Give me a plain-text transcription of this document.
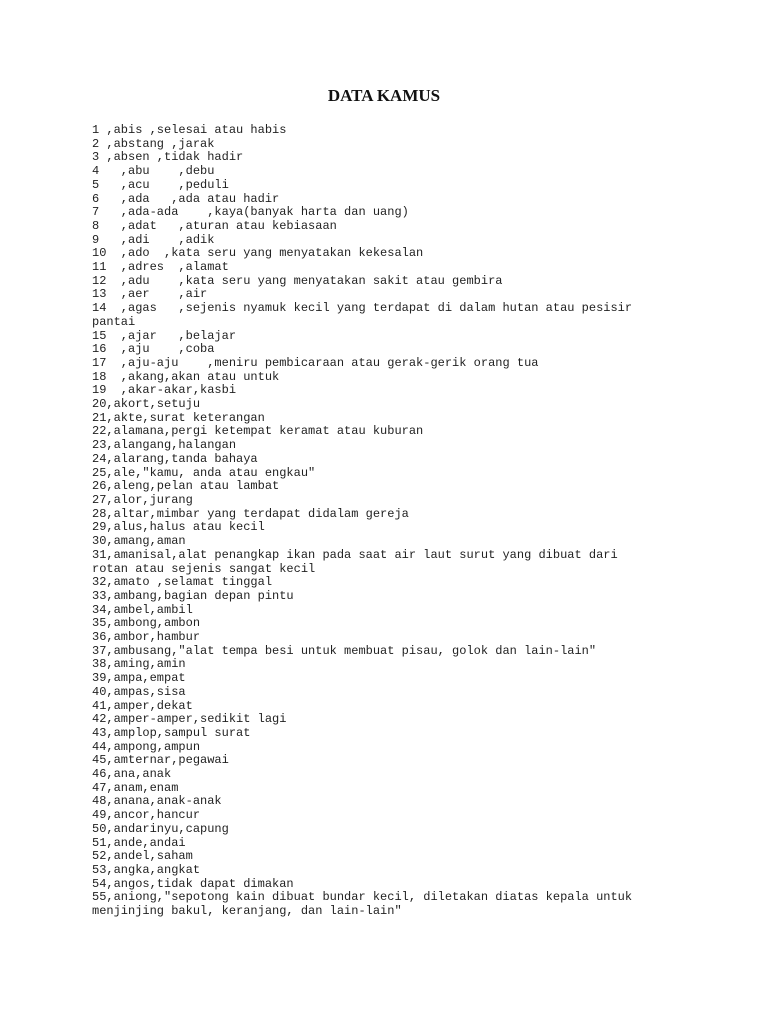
DATA KAMUS
1 ,abis ,selesai atau habis
2 ,abstang ,jarak
3 ,absen ,tidak hadir
4   ,abu    ,debu
5   ,acu    ,peduli
6   ,ada   ,ada atau hadir
7   ,ada-ada    ,kaya(banyak harta dan uang)
8   ,adat   ,aturan atau kebiasaan
9   ,adi    ,adik
10  ,ado  ,kata seru yang menyatakan kekesalan
11  ,adres  ,alamat
12  ,adu    ,kata seru yang menyatakan sakit atau gembira
13  ,aer    ,air
14  ,agas   ,sejenis nyamuk kecil yang terdapat di dalam hutan atau pesisir
pantai
15  ,ajar   ,belajar
16  ,aju    ,coba
17  ,aju-aju    ,meniru pembicaraan atau gerak-gerik orang tua
18  ,akang,akan atau untuk
19  ,akar-akar,kasbi
20,akort,setuju
21,akte,surat keterangan
22,alamana,pergi ketempat keramat atau kuburan
23,alangang,halangan
24,alarang,tanda bahaya
25,ale,"kamu, anda atau engkau"
26,aleng,pelan atau lambat
27,alor,jurang
28,altar,mimbar yang terdapat didalam gereja
29,alus,halus atau kecil
30,amang,aman
31,amanisal,alat penangkap ikan pada saat air laut surut yang dibuat dari
rotan atau sejenis sangat kecil
32,amato ,selamat tinggal
33,ambang,bagian depan pintu
34,ambel,ambil
35,ambong,ambon
36,ambor,hambur
37,ambusang,"alat tempa besi untuk membuat pisau, golok dan lain-lain"
38,aming,amin
39,ampa,empat
40,ampas,sisa
41,amper,dekat
42,amper-amper,sedikit lagi
43,amplop,sampul surat
44,ampong,ampun
45,amternar,pegawai
46,ana,anak
47,anam,enam
48,anana,anak-anak
49,ancor,hancur
50,andarinyu,capung
51,ande,andai
52,andel,saham
53,angka,angkat
54,angos,tidak dapat dimakan
55,aniong,"sepotong kain dibuat bundar kecil, diletakan diatas kepala untuk
menjinjing bakul, keranjang, dan lain-lain"
